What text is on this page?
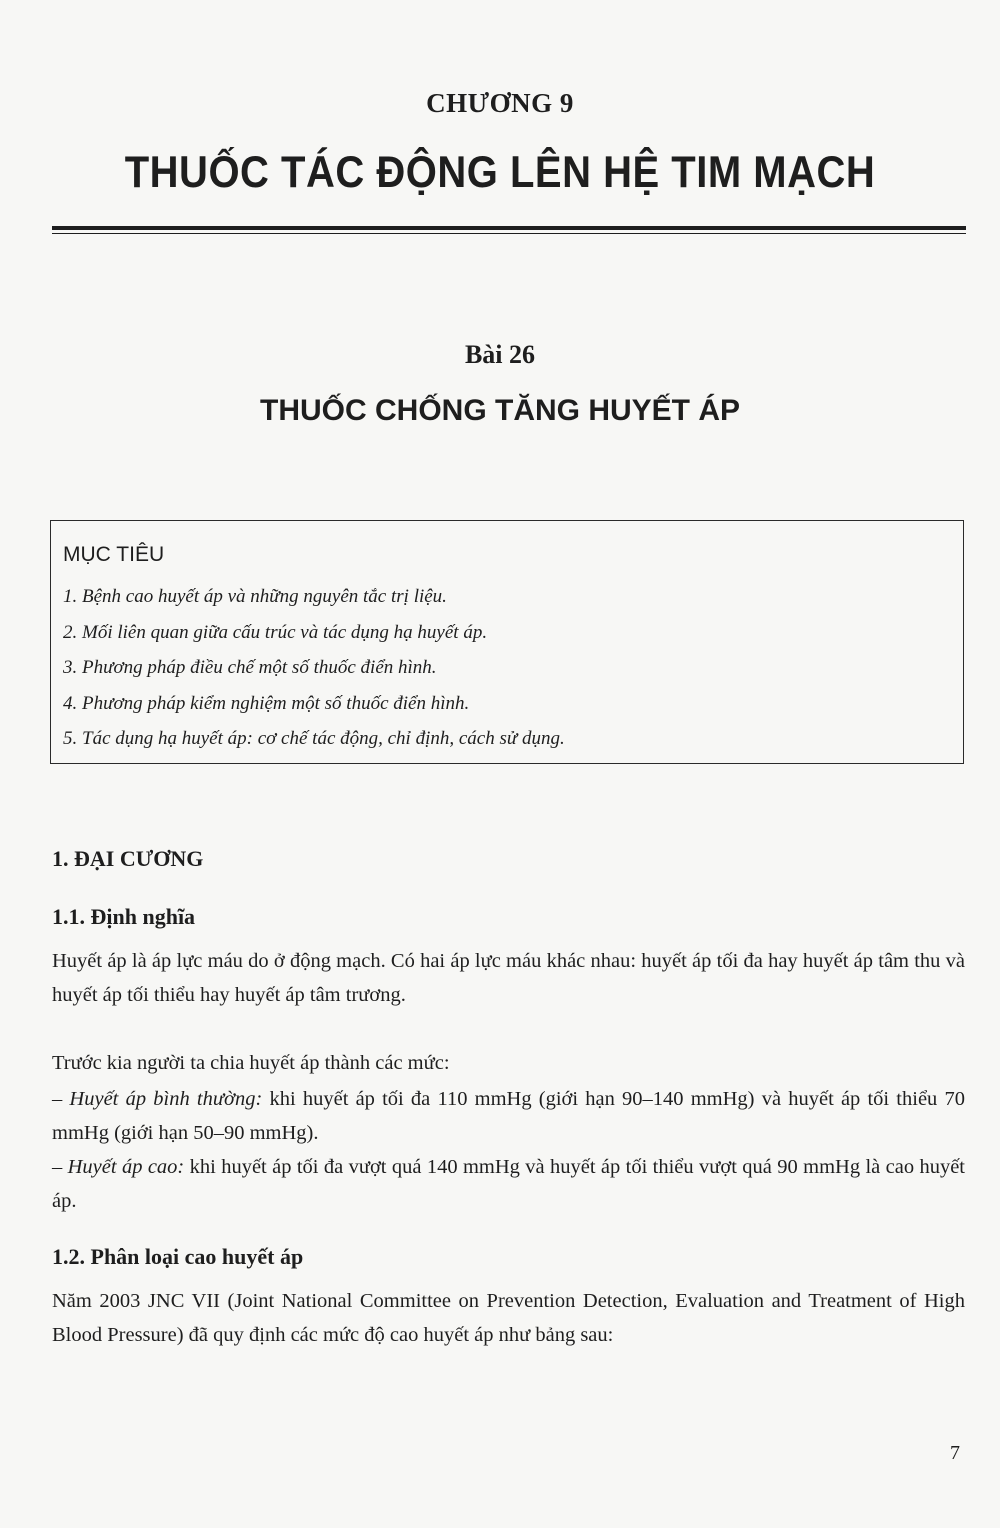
CHƯƠNG 9
THUỐC TÁC ĐỘNG LÊN HỆ TIM MẠCH
Bài 26
THUỐC CHỐNG TĂNG HUYẾT ÁP
MỤC TIÊU
1. Bệnh cao huyết áp và những nguyên tắc trị liệu.
2. Mối liên quan giữa cấu trúc và tác dụng hạ huyết áp.
3. Phương pháp điều chế một số thuốc điển hình.
4. Phương pháp kiểm nghiệm một số thuốc điển hình.
5. Tác dụng hạ huyết áp: cơ chế tác động, chỉ định, cách sử dụng.
1. ĐẠI CƯƠNG
1.1. Định nghĩa
Huyết áp là áp lực máu do ở động mạch. Có hai áp lực máu khác nhau: huyết áp tối đa hay huyết áp tâm thu và huyết áp tối thiểu hay huyết áp tâm trương.
Trước kia người ta chia huyết áp thành các mức:
– Huyết áp bình thường: khi huyết áp tối đa 110 mmHg (giới hạn 90–140 mmHg) và huyết áp tối thiểu 70 mmHg (giới hạn 50–90 mmHg).
– Huyết áp cao: khi huyết áp tối đa vượt quá 140 mmHg và huyết áp tối thiểu vượt quá 90 mmHg là cao huyết áp.
1.2. Phân loại cao huyết áp
Năm 2003 JNC VII (Joint National Committee on Prevention Detection, Evaluation and Treatment of High Blood Pressure) đã quy định các mức độ cao huyết áp như bảng sau:
7
